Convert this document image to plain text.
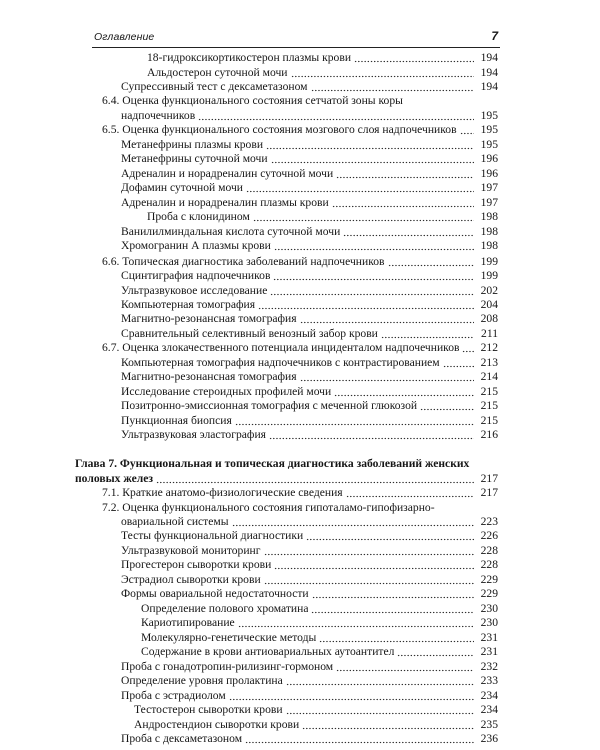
Оглавление	7
18-гидроксикортикостерон плазмы крови	194
Альдостерон суточной мочи	194
Супрессивный тест с дексаметазоном	194
6.4. Оценка функционального состояния сетчатой зоны коры
надпочечников	195
6.5. Оценка функционального состояния мозгового слоя надпочечников	195
Метанефрины плазмы крови	195
Метанефрины суточной мочи	196
Адреналин и норадреналин суточной мочи	196
Дофамин суточной мочи	197
Адреналин и норадреналин плазмы крови	197
Проба с клонидином	198
Ванилилминдальная кислота суточной мочи	198
Хромогранин А плазмы крови	198
6.6. Топическая диагностика заболеваний надпочечников	199
Сцинтиграфия надпочечников	199
Ультразвуковое исследование	202
Компьютерная томография	204
Магнитно-резонансная томография	208
Сравнительный селективный венозный забор крови	211
6.7. Оценка злокачественного потенциала инциденталом надпочечников	212
Компьютерная томография надпочечников с контрастированием	213
Магнитно-резонансная томография	214
Исследование стероидных профилей мочи	215
Позитронно-эмиссионная томография с меченной глюкозой	215
Пункционная биопсия	215
Ультразвуковая эластография	216
Глава 7. Функциональная и топическая диагностика заболеваний женских
половых желез	217
7.1. Краткие анатомо-физиологические сведения	217
7.2. Оценка функционального состояния гипоталамо-гипофизарно-
овариальной системы	223
Тесты функциональной диагностики	226
Ультразвуковой мониторинг	228
Прогестерон сыворотки крови	228
Эстрадиол сыворотки крови	229
Формы овариальной недостаточности	229
Определение полового хроматина	230
Кариотипирование	230
Молекулярно-генетические методы	231
Содержание в крови антиовариальных аутоантител	231
Проба с гонадотропин-рилизинг-гормоном	232
Определение уровня пролактина	233
Проба с эстрадиолом	234
Тестостерон сыворотки крови	234
Андростендион сыворотки крови	235
Проба с дексаметазоном	236
